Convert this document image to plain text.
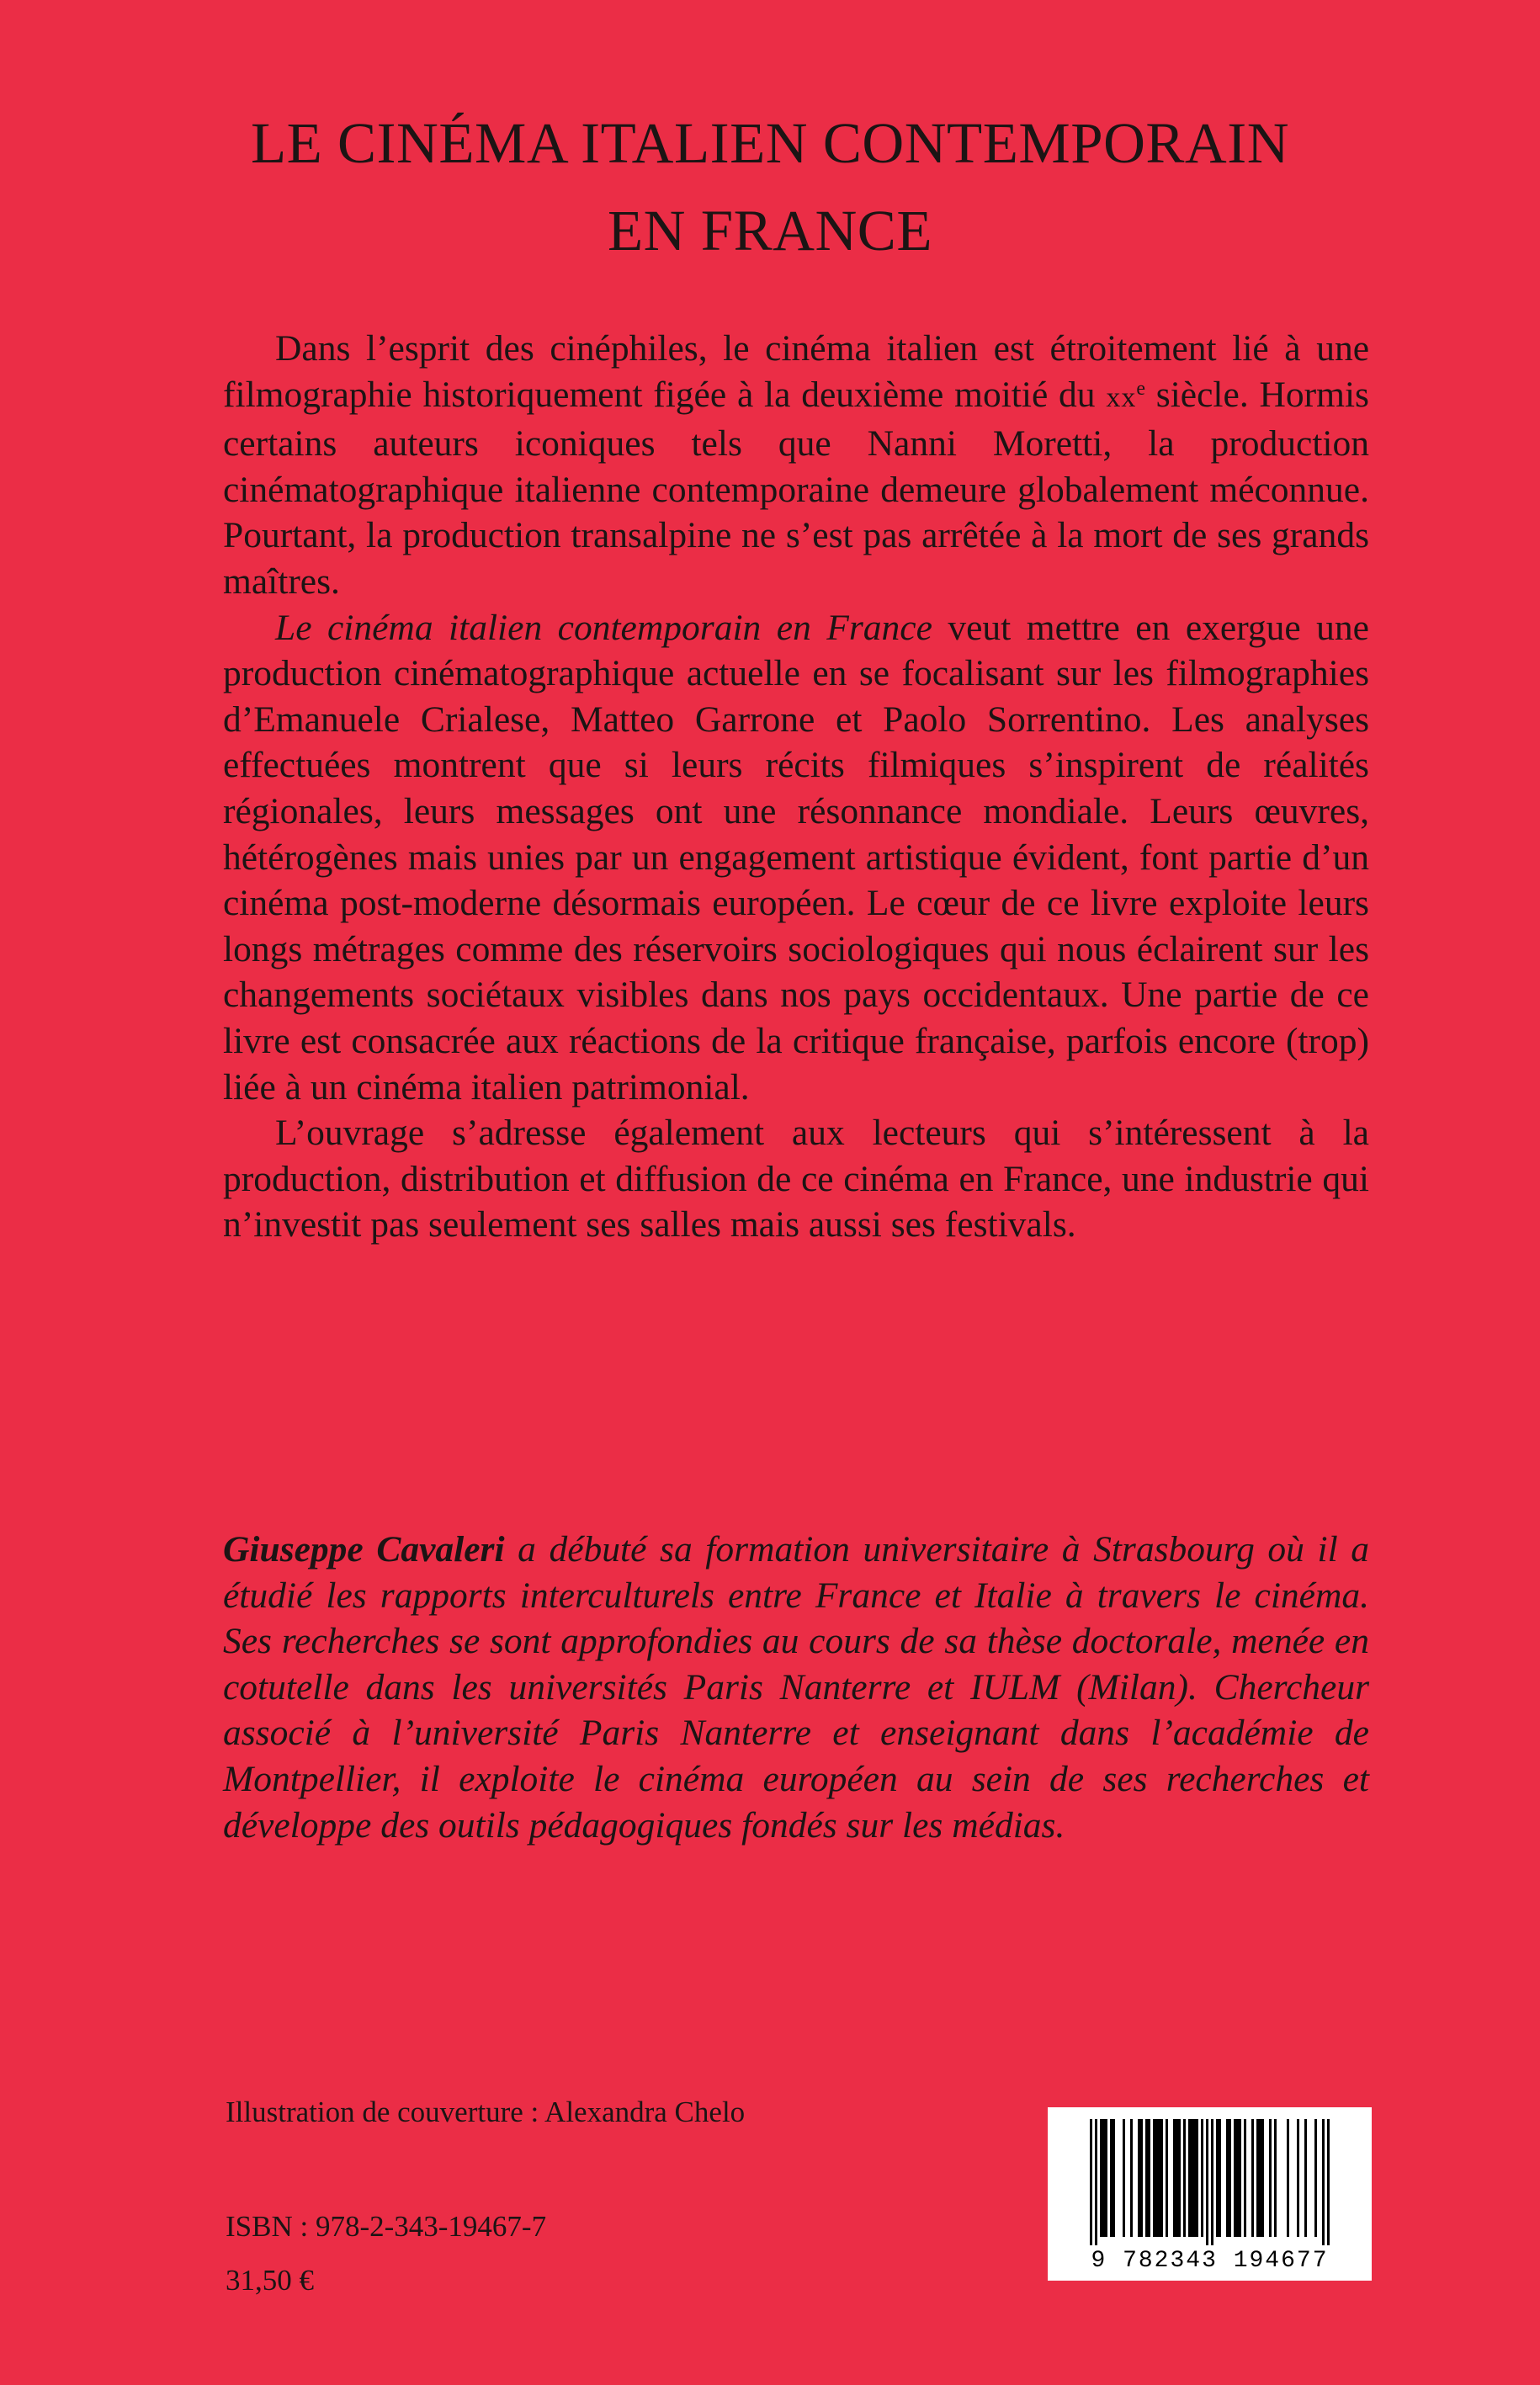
LE CINÉMA ITALIEN CONTEMPORAIN
EN FRANCE

Dans l’esprit des cinéphiles, le cinéma italien est étroitement lié à une filmographie historiquement figée à la deuxième moitié du $xx^e$ siècle. Hormis certains auteurs iconiques tels que Nanni Moretti, la production cinématographique italienne contemporaine demeure globalement méconnue. Pourtant, la production transalpine ne s’est pas arrêtée à la mort de ses grands maîtres.

Le cinéma italien contemporain en France veut mettre en exergue une production cinématographique actuelle en se focalisant sur les filmographies d’Emanuele Crialese, Matteo Garrone et Paolo Sorrentino. Les analyses effectuées montrent que si leurs récits filmiques s’inspirent de réalités régionales, leurs messages ont une résonnance mondiale. Leurs œuvres, hétérogènes mais unies par un engagement artistique évident, font partie d’un cinéma post-moderne désormais européen. Le cœur de ce livre exploite leurs longs métrages comme des réservoirs sociologiques qui nous éclairent sur les changements sociétaux visibles dans nos pays occidentaux. Une partie de ce livre est consacrée aux réactions de la critique française, parfois encore (trop) liée à un cinéma italien patrimonial.

L’ouvrage s’adresse également aux lecteurs qui s’intéressent à la production, distribution et diffusion de ce cinéma en France, une industrie qui n’investit pas seulement ses salles mais aussi ses festivals.

Giuseppe Cavaleri a débuté sa formation universitaire à Strasbourg où il a étudié les rapports interculturels entre France et Italie à travers le cinéma. Ses recherches se sont approfondies au cours de sa thèse doctorale, menée en cotutelle dans les universités Paris Nanterre et IULM (Milan). Chercheur associé à l’université Paris Nanterre et enseignant dans l’académie de Montpellier, il exploite le cinéma européen au sein de ses recherches et développe des outils pédagogiques fondés sur les médias.

Illustration de couverture : Alexandra Chelo
ISBN : 978-2-343-19467-7
31,50 €
9 782343 194677
